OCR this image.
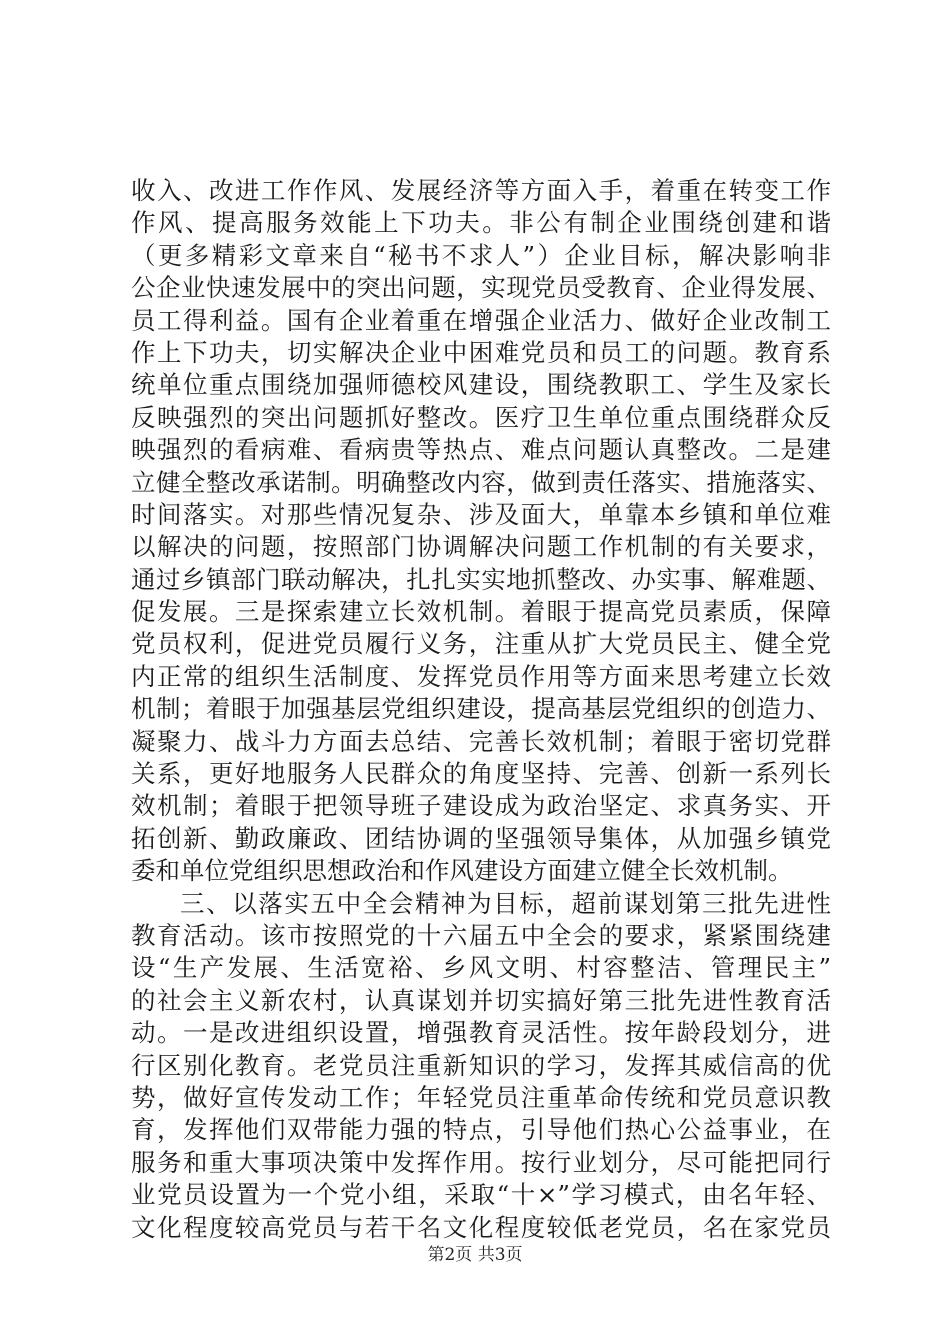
收入、改进工作作风、发展经济等方面入手，着重在转变工作
作风、提高服务效能上下功夫。非公有制企业围绕创建和谐
（更多精彩文章来自“秘书不求人”）企业目标，解决影响非
公企业快速发展中的突出问题，实现党员受教育、企业得发展、
员工得利益。国有企业着重在增强企业活力、做好企业改制工
作上下功夫，切实解决企业中困难党员和员工的问题。教育系
统单位重点围绕加强师德校风建设，围绕教职工、学生及家长
反映强烈的突出问题抓好整改。医疗卫生单位重点围绕群众反
映强烈的看病难、看病贵等热点、难点问题认真整改。二是建
立健全整改承诺制。明确整改内容，做到责任落实、措施落实、
时间落实。对那些情况复杂、涉及面大，单靠本乡镇和单位难
以解决的问题，按照部门协调解决问题工作机制的有关要求，
通过乡镇部门联动解决，扎扎实实地抓整改、办实事、解难题、
促发展。三是探索建立长效机制。着眼于提高党员素质，保障
党员权利，促进党员履行义务，注重从扩大党员民主、健全党
内正常的组织生活制度、发挥党员作用等方面来思考建立长效
机制；着眼于加强基层党组织建设，提高基层党组织的创造力、
凝聚力、战斗力方面去总结、完善长效机制；着眼于密切党群
关系，更好地服务人民群众的角度坚持、完善、创新一系列长
效机制；着眼于把领导班子建设成为政治坚定、求真务实、开
拓创新、勤政廉政、团结协调的坚强领导集体，从加强乡镇党
委和单位党组织思想政治和作风建设方面建立健全长效机制。
三、以落实五中全会精神为目标，超前谋划第三批先进性
教育活动。该市按照党的十六届五中全会的要求，紧紧围绕建
设“生产发展、生活宽裕、乡风文明、村容整洁、管理民主”
的社会主义新农村，认真谋划并切实搞好第三批先进性教育活
动。一是改进组织设置，增强教育灵活性。按年龄段划分，进
行区别化教育。老党员注重新知识的学习，发挥其威信高的优
势，做好宣传发动工作；年轻党员注重革命传统和党员意识教
育，发挥他们双带能力强的特点，引导他们热心公益事业，在
服务和重大事项决策中发挥作用。按行业划分，尽可能把同行
业党员设置为一个党小组，采取“十×”学习模式，由名年轻、
文化程度较高党员与若干名文化程度较低老党员，名在家党员
第2页 共3页
